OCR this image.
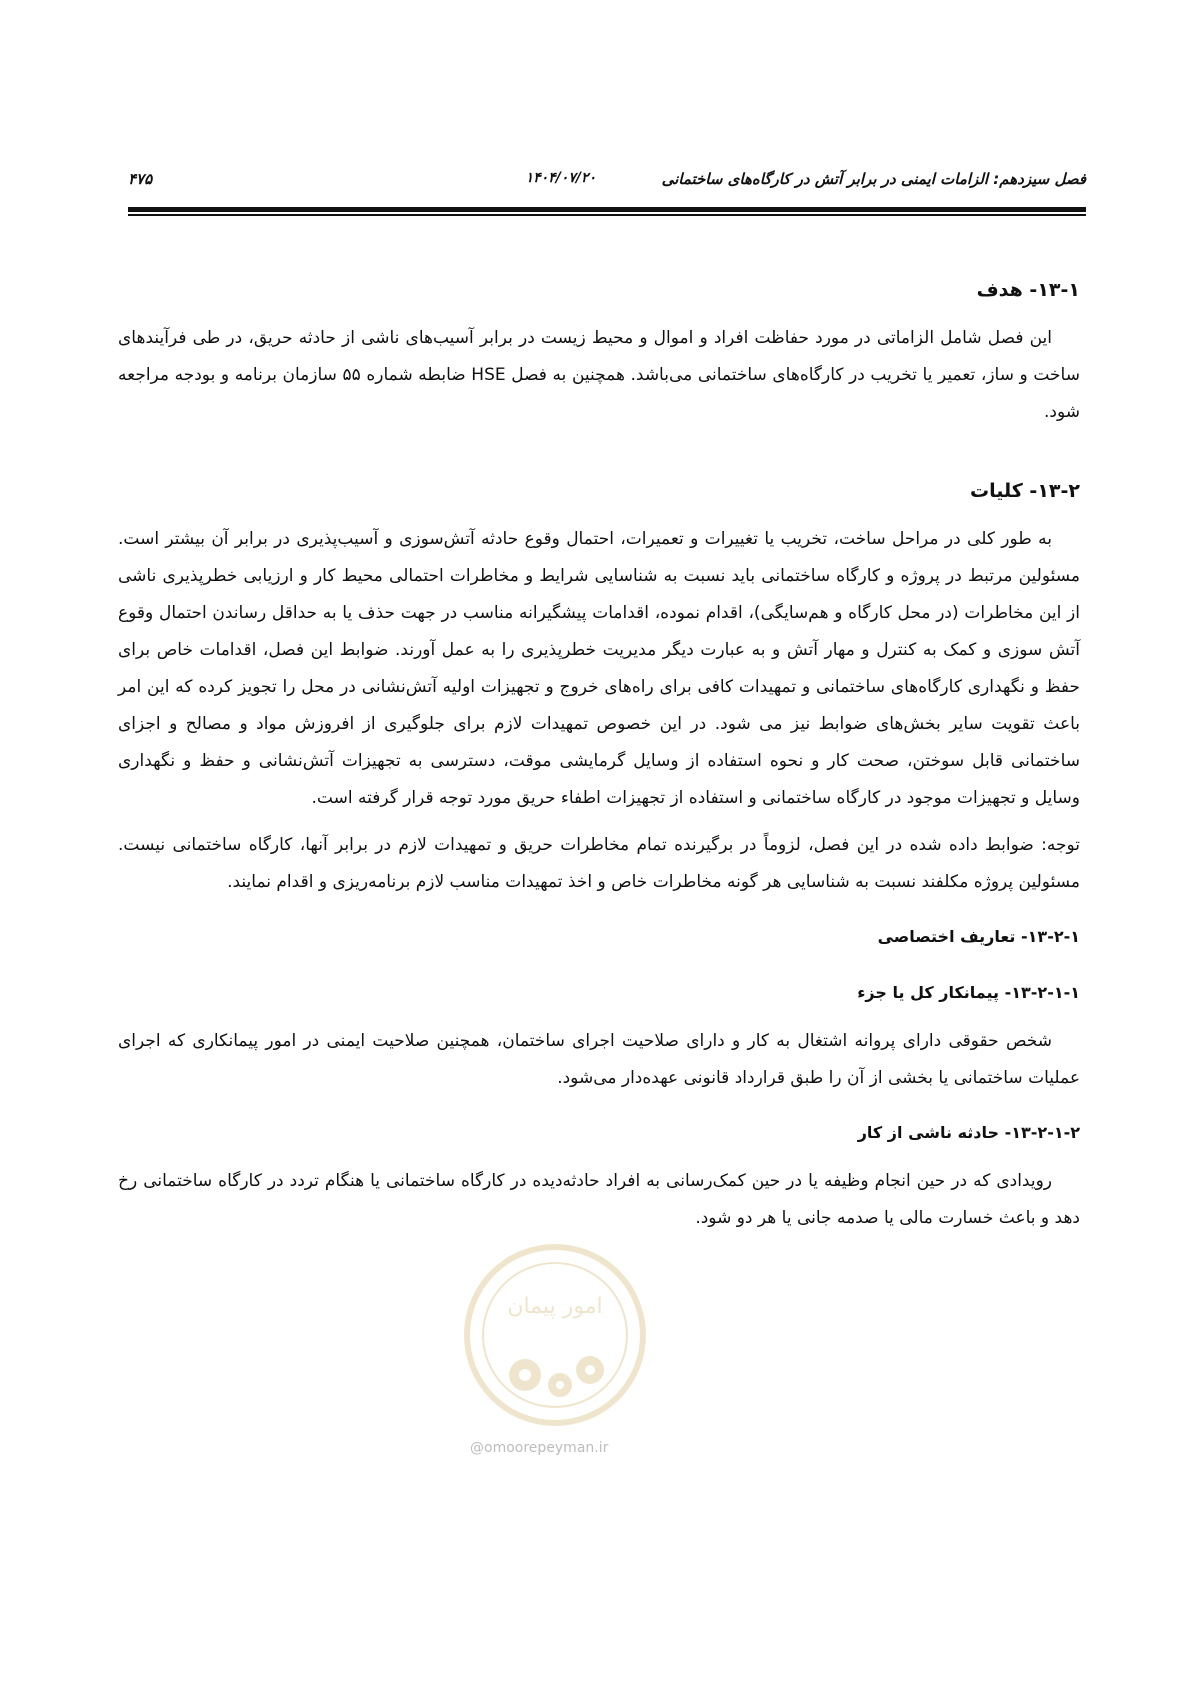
فصل سیزدهم: الزامات ایمنی در برابر آتش در کارگاه‌های ساختمانی
۱۴۰۴/۰۷/۲۰
۴۷۵
۱۳-۱- هدف

این فصل شامل الزاماتی در مورد حفاظت افراد و اموال و محیط زیست در برابر آسیب‌های ناشی از حادثه حریق، در طی فرآیندهای ساخت و ساز، تعمیر یا تخریب در کارگاه‌های ساختمانی می‌باشد. همچنین به فصل HSE ضابطه شماره ۵۵ سازمان برنامه و بودجه مراجعه شود.

۱۳-۲- کلیات

به طور کلی در مراحل ساخت، تخریب یا تغییرات و تعمیرات، احتمال وقوع حادثه آتش‌سوزی و آسیب‌پذیری در برابر آن بیشتر است. مسئولین مرتبط در پروژه و کارگاه ساختمانی باید نسبت به شناسایی شرایط و مخاطرات احتمالی محیط کار و ارزیابی خطرپذیری ناشی از این مخاطرات (در محل کارگاه و هم‌سایگی)، اقدام نموده، اقدامات پیشگیرانه مناسب در جهت حذف یا به حداقل رساندن احتمال وقوع آتش سوزی و کمک به کنترل و مهار آتش و به عبارت دیگر مدیریت خطرپذیری را به عمل آورند. ضوابط این فصل، اقدامات خاص برای حفظ و نگهداری کارگاه‌های ساختمانی و تمهیدات کافی برای راه‌های خروج و تجهیزات اولیه آتش‌نشانی در محل را تجویز کرده که این امر باعث تقویت سایر بخش‌های ضوابط نیز می شود. در این خصوص تمهیدات لازم برای جلوگیری از افروزش مواد و مصالح و اجزای ساختمانی قابل سوختن، صحت کار و نحوه استفاده از وسایل گرمایشی موقت، دسترسی به تجهیزات آتش‌نشانی و حفظ و نگهداری وسایل و تجهیزات موجود در کارگاه ساختمانی و استفاده از تجهیزات اطفاء حریق مورد توجه قرار گرفته است.

توجه: ضوابط داده شده در این فصل، لزوماً در برگیرنده تمام مخاطرات حریق و تمهیدات لازم در برابر آنها، کارگاه ساختمانی نیست. مسئولین پروژه مکلفند نسبت به شناسایی هر گونه مخاطرات خاص و اخذ تمهیدات مناسب لازم برنامه‌ریزی و اقدام نمایند.

۱۳-۲-۱- تعاریف اختصاصی
۱۳-۲-۱-۱- پیمانکار کل یا جزء

شخص حقوقی دارای پروانه اشتغال به کار و دارای صلاحیت اجرای ساختمان، همچنین صلاحیت ایمنی در امور پیمانکاری که اجرای عملیات ساختمانی یا بخشی از آن را طبق قرارداد قانونی عهده‌دار می‌شود.

۱۳-۲-۱-۲- حادثه ناشی از کار

رویدادی که در حین انجام وظیفه یا در حین کمک‌رسانی به افراد حادثه‌دیده در کارگاه ساختمانی یا هنگام تردد در کارگاه ساختمانی رخ دهد و باعث خسارت مالی یا صدمه جانی یا هر دو شود.

امور پیمان
@omoorepeyman.ir
